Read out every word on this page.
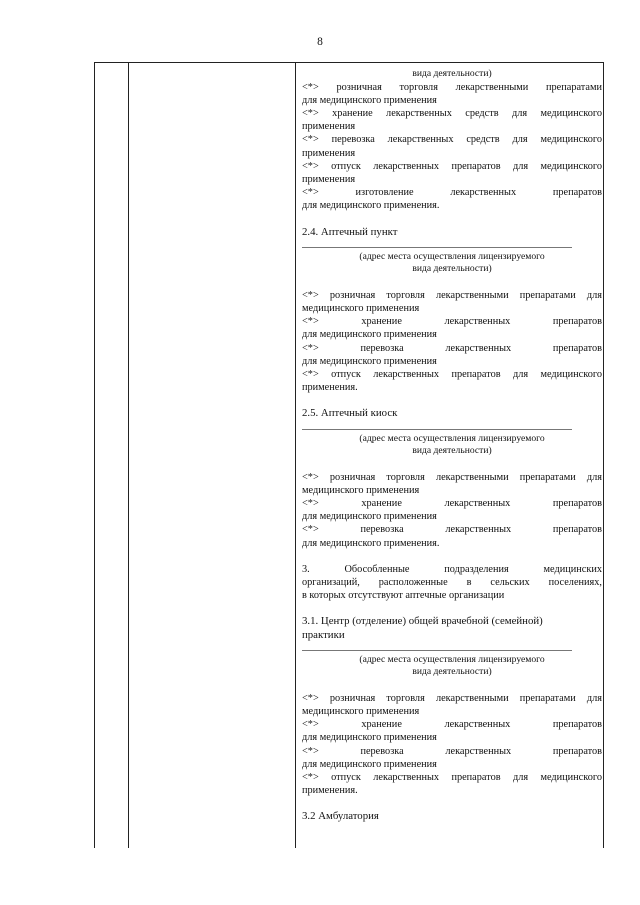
8
вида деятельности)
<*> розничная торговля лекарственными препаратами
для медицинского применения
<*> хранение лекарственных средств для медицинского
применения
<*> перевозка лекарственных средств для медицинского
применения
<*> отпуск лекарственных препаратов для медицинского
применения
<*> изготовление лекарственных препаратов
для медицинского применения.
2.4. Аптечный пункт
(адрес места осуществления лицензируемого
вида деятельности)
<*> розничная торговля лекарственными препаратами для
медицинского применения
<*> хранение лекарственных препаратов
для медицинского применения
<*> перевозка лекарственных препаратов
для медицинского применения
<*> отпуск лекарственных препаратов для медицинского
применения.
2.5. Аптечный киоск
(адрес места осуществления лицензируемого
вида деятельности)
<*> розничная торговля лекарственными препаратами для
медицинского применения
<*> хранение лекарственных препаратов
для медицинского применения
<*> перевозка лекарственных препаратов
для медицинского применения.
3. Обособленные подразделения медицинских
организаций, расположенные в сельских поселениях,
в которых отсутствуют аптечные организации
3.1. Центр (отделение) общей врачебной (семейной)
практики
(адрес места осуществления лицензируемого
вида деятельности)
<*> розничная торговля лекарственными препаратами для
медицинского применения
<*> хранение лекарственных препаратов
для медицинского применения
<*> перевозка лекарственных препаратов
для медицинского применения
<*> отпуск лекарственных препаратов для медицинского
применения.
3.2 Амбулатория
